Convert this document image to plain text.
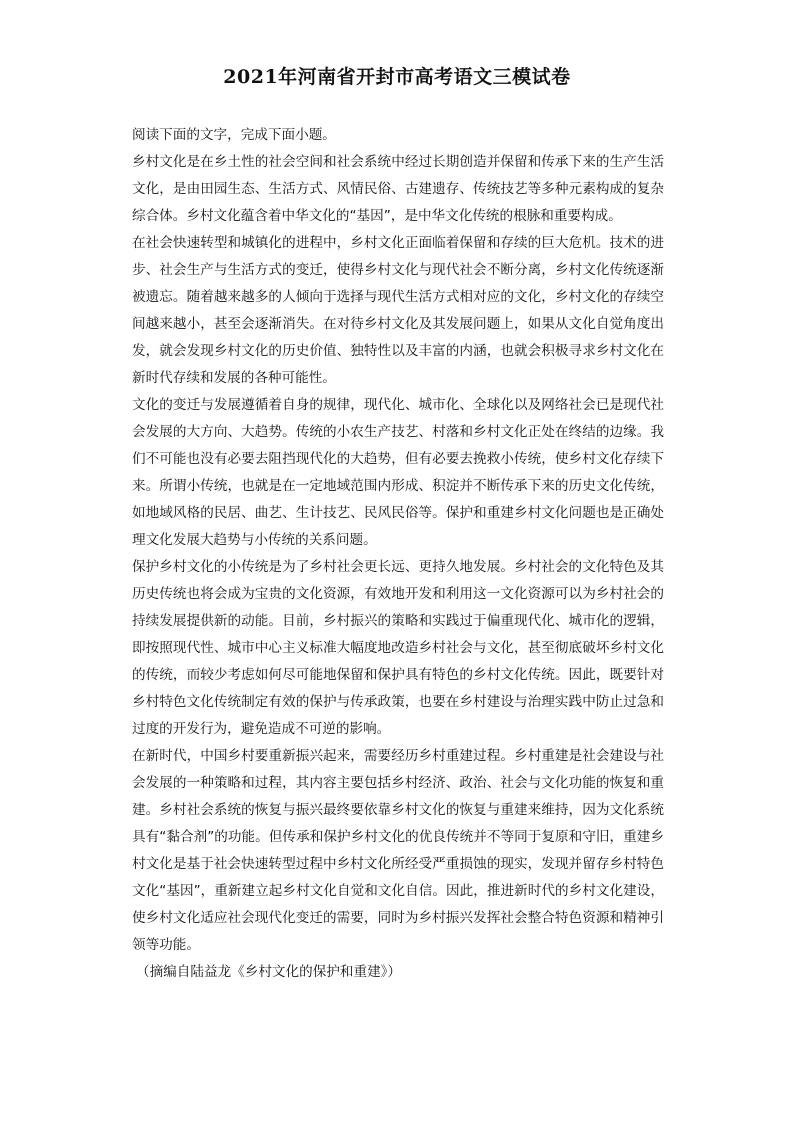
2021年河南省开封市高考语文三模试卷

阅读下面的文字，完成下面小题。

乡村文化是在乡土性的社会空间和社会系统中经过长期创造并保留和传承下来的生产生活文化，是由田园生态、生活方式、风情民俗、古建遗存、传统技艺等多种元素构成的复杂综合体。乡村文化蕴含着中华文化的“基因”，是中华文化传统的根脉和重要构成。

在社会快速转型和城镇化的进程中，乡村文化正面临着保留和存续的巨大危机。技术的进步、社会生产与生活方式的变迁，使得乡村文化与现代社会不断分离，乡村文化传统逐渐被遗忘。随着越来越多的人倾向于选择与现代生活方式相对应的文化，乡村文化的存续空间越来越小，甚至会逐渐消失。在对待乡村文化及其发展问题上，如果从文化自觉角度出发，就会发现乡村文化的历史价值、独特性以及丰富的内涵，也就会积极寻求乡村文化在新时代存续和发展的各种可能性。

文化的变迁与发展遵循着自身的规律，现代化、城市化、全球化以及网络社会已是现代社会发展的大方向、大趋势。传统的小农生产技艺、村落和乡村文化正处在终结的边缘。我们不可能也没有必要去阻挡现代化的大趋势，但有必要去挽救小传统，使乡村文化存续下来。所谓小传统，也就是在一定地域范围内形成、积淀并不断传承下来的历史文化传统，如地域风格的民居、曲艺、生计技艺、民风民俗等。保护和重建乡村文化问题也是正确处理文化发展大趋势与小传统的关系问题。

保护乡村文化的小传统是为了乡村社会更长远、更持久地发展。乡村社会的文化特色及其历史传统也将会成为宝贵的文化资源，有效地开发和利用这一文化资源可以为乡村社会的持续发展提供新的动能。目前，乡村振兴的策略和实践过于偏重现代化、城市化的逻辑，即按照现代性、城市中心主义标准大幅度地改造乡村社会与文化，甚至彻底破坏乡村文化的传统，而较少考虑如何尽可能地保留和保护具有特色的乡村文化传统。因此，既要针对乡村特色文化传统制定有效的保护与传承政策，也要在乡村建设与治理实践中防止过急和过度的开发行为，避免造成不可逆的影响。

在新时代，中国乡村要重新振兴起来，需要经历乡村重建过程。乡村重建是社会建设与社会发展的一种策略和过程，其内容主要包括乡村经济、政治、社会与文化功能的恢复和重建。乡村社会系统的恢复与振兴最终要依靠乡村文化的恢复与重建来维持，因为文化系统具有“黏合剂”的功能。但传承和保护乡村文化的优良传统并不等同于复原和守旧，重建乡村文化是基于社会快速转型过程中乡村文化所经受严重损蚀的现实，发现并留存乡村特色文化“基因”，重新建立起乡村文化自觉和文化自信。因此，推进新时代的乡村文化建设，使乡村文化适应社会现代化变迁的需要，同时为乡村振兴发挥社会整合特色资源和精神引领等功能。

（摘编自陆益龙《乡村文化的保护和重建》）
